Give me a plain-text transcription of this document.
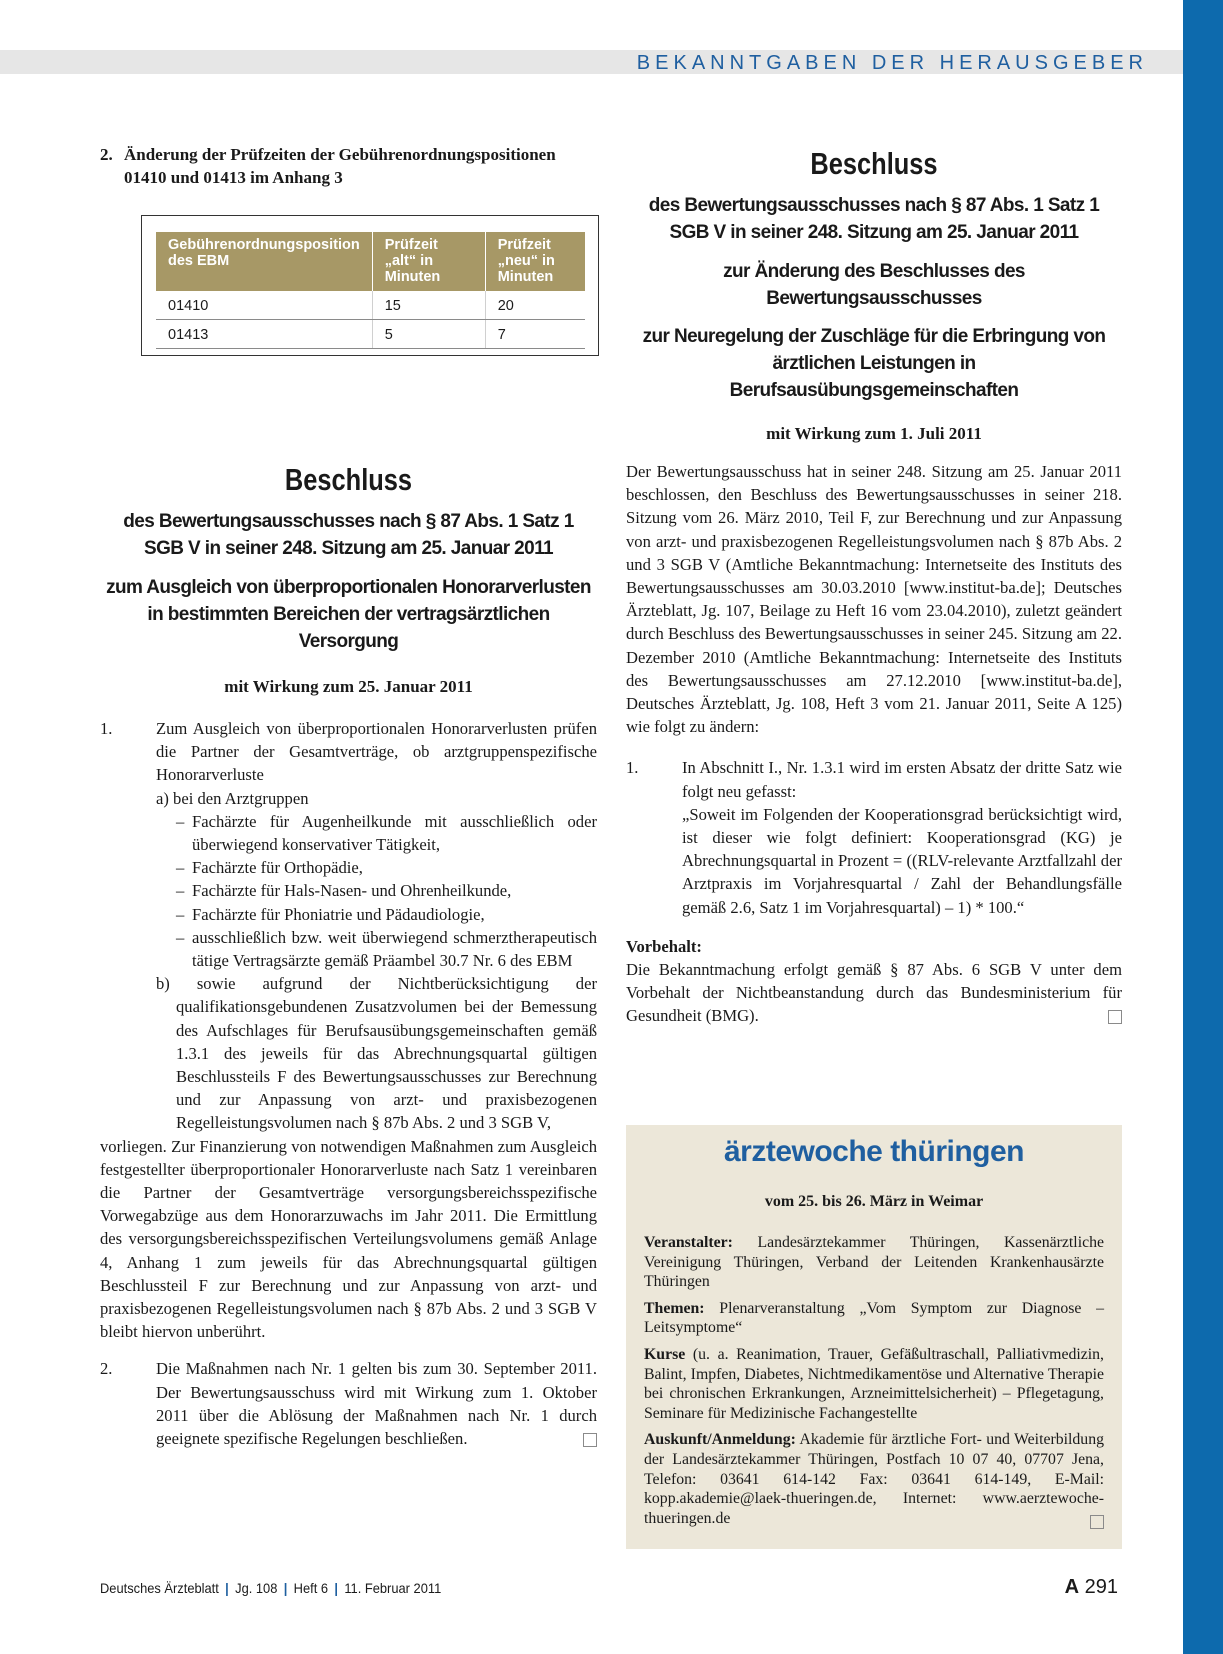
BEKANNTGABEN DER HERAUSGEBER
2. Änderung der Prüfzeiten der Gebührenordnungspositionen 01410 und 01413 im Anhang 3
Gebührenordnungsposition des EBM	Prüfzeit „alt“ in Minuten	Prüfzeit „neu“ in Minuten
01410	15	20
01413	5	7

Beschluss

des Bewertungsausschusses nach § 87 Abs. 1 Satz 1 SGB V in seiner 248. Sitzung am 25. Januar 2011

zum Ausgleich von überproportionalen Honorarverlusten in bestimmten Bereichen der vertragsärztlichen Versorgung

mit Wirkung zum 25. Januar 2011

1.	Zum Ausgleich von überproportionalen Honorarverlusten prüfen die Partner der Gesamtverträge, ob arztgruppenspezifische Honorarverluste
a) bei den Arztgruppen
– Fachärzte für Augenheilkunde mit ausschließlich oder überwiegend konservativer Tätigkeit,
– Fachärzte für Orthopädie,
– Fachärzte für Hals-Nasen- und Ohrenheilkunde,
– Fachärzte für Phoniatrie und Pädaudiologie,
– ausschließlich bzw. weit überwiegend schmerztherapeutisch tätige Vertragsärzte gemäß Präambel 30.7 Nr. 6 des EBM
b) sowie aufgrund der Nichtberücksichtigung der qualifikationsgebundenen Zusatzvolumen bei der Bemessung des Aufschlages für Berufsausübungsgemeinschaften gemäß 1.3.1 des jeweils für das Abrechnungsquartal gültigen Beschlussteils F des Bewertungsausschusses zur Berechnung und zur Anpassung von arzt- und praxisbezogenen Regelleistungsvolumen nach § 87b Abs. 2 und 3 SGB V,

vorliegen. Zur Finanzierung von notwendigen Maßnahmen zum Ausgleich festgestellter überproportionaler Honorarverluste nach Satz 1 vereinbaren die Partner der Gesamtverträge versorgungsbereichsspezifische Vorwegabzüge aus dem Honorarzuwachs im Jahr 2011. Die Ermittlung des versorgungsbereichsspezifischen Verteilungsvolumens gemäß Anlage 4, Anhang 1 zum jeweils für das Abrechnungsquartal gültigen Beschlussteil F zur Berechnung und zur Anpassung von arzt- und praxisbezogenen Regelleistungsvolumen nach § 87b Abs. 2 und 3 SGB V bleibt hiervon unberührt.

2.	Die Maßnahmen nach Nr. 1 gelten bis zum 30. September 2011. Der Bewertungsausschuss wird mit Wirkung zum 1. Oktober 2011 über die Ablösung der Maßnahmen nach Nr. 1 durch geeignete spezifische Regelungen beschließen.

Beschluss

des Bewertungsausschusses nach § 87 Abs. 1 Satz 1 SGB V in seiner 248. Sitzung am 25. Januar 2011

zur Änderung des Beschlusses des Bewertungsausschusses

zur Neuregelung der Zuschläge für die Erbringung von ärztlichen Leistungen in Berufsausübungsgemeinschaften

mit Wirkung zum 1. Juli 2011

Der Bewertungsausschuss hat in seiner 248. Sitzung am 25. Januar 2011 beschlossen, den Beschluss des Bewertungsausschusses in seiner 218. Sitzung vom 26. März 2010, Teil F, zur Berechnung und zur Anpassung von arzt- und praxisbezogenen Regelleistungsvolumen nach § 87b Abs. 2 und 3 SGB V (Amtliche Bekanntmachung: Internetseite des Instituts des Bewertungsausschusses am 30.03.2010 [www.institut-ba.de]; Deutsches Ärzteblatt, Jg. 107, Beilage zu Heft 16 vom 23.04.2010), zuletzt geändert durch Beschluss des Bewertungsausschusses in seiner 245. Sitzung am 22. Dezember 2010 (Amtliche Bekanntmachung: Internetseite des Instituts des Bewertungsausschusses am 27.12.2010 [www.institut-ba.de], Deutsches Ärzteblatt, Jg. 108, Heft 3 vom 21. Januar 2011, Seite A 125) wie folgt zu ändern:

1.	In Abschnitt I., Nr. 1.3.1 wird im ersten Absatz der dritte Satz wie folgt neu gefasst:
„Soweit im Folgenden der Kooperationsgrad berücksichtigt wird, ist dieser wie folgt definiert: Kooperationsgrad (KG) je Abrechnungsquartal in Prozent = ((RLV-relevante Arztfallzahl der Arztpraxis im Vorjahresquartal / Zahl der Behandlungsfälle gemäß 2.6, Satz 1 im Vorjahresquartal) – 1) * 100.“

Vorbehalt:

Die Bekanntmachung erfolgt gemäß § 87 Abs. 6 SGB V unter dem Vorbehalt der Nichtbeanstandung durch das Bundesministerium für Gesundheit (BMG).

ärztewoche thüringen
vom 25. bis 26. März in Weimar

Veranstalter: Landesärztekammer Thüringen, Kassenärztliche Vereinigung Thüringen, Verband der Leitenden Krankenhausärzte Thüringen

Themen: Plenarveranstaltung „Vom Symptom zur Diagnose – Leitsymptome“

Kurse (u. a. Reanimation, Trauer, Gefäßultraschall, Palliativmedizin, Balint, Impfen, Diabetes, Nichtmedikamentöse und Alternative Therapie bei chronischen Erkrankungen, Arzneimittelsicherheit) – Pflegetagung, Seminare für Medizinische Fachangestellte

Auskunft/Anmeldung: Akademie für ärztliche Fort- und Weiterbildung der Landesärztekammer Thüringen, Postfach 10 07 40, 07707 Jena, Telefon: 03641 614-142 Fax: 03641 614-149, E-Mail: kopp.akademie@laek-thueringen.de, Internet: www.aerztewoche-thueringen.de

Deutsches Ärzteblatt | Jg. 108 | Heft 6 | 11. Februar 2011	A 291
